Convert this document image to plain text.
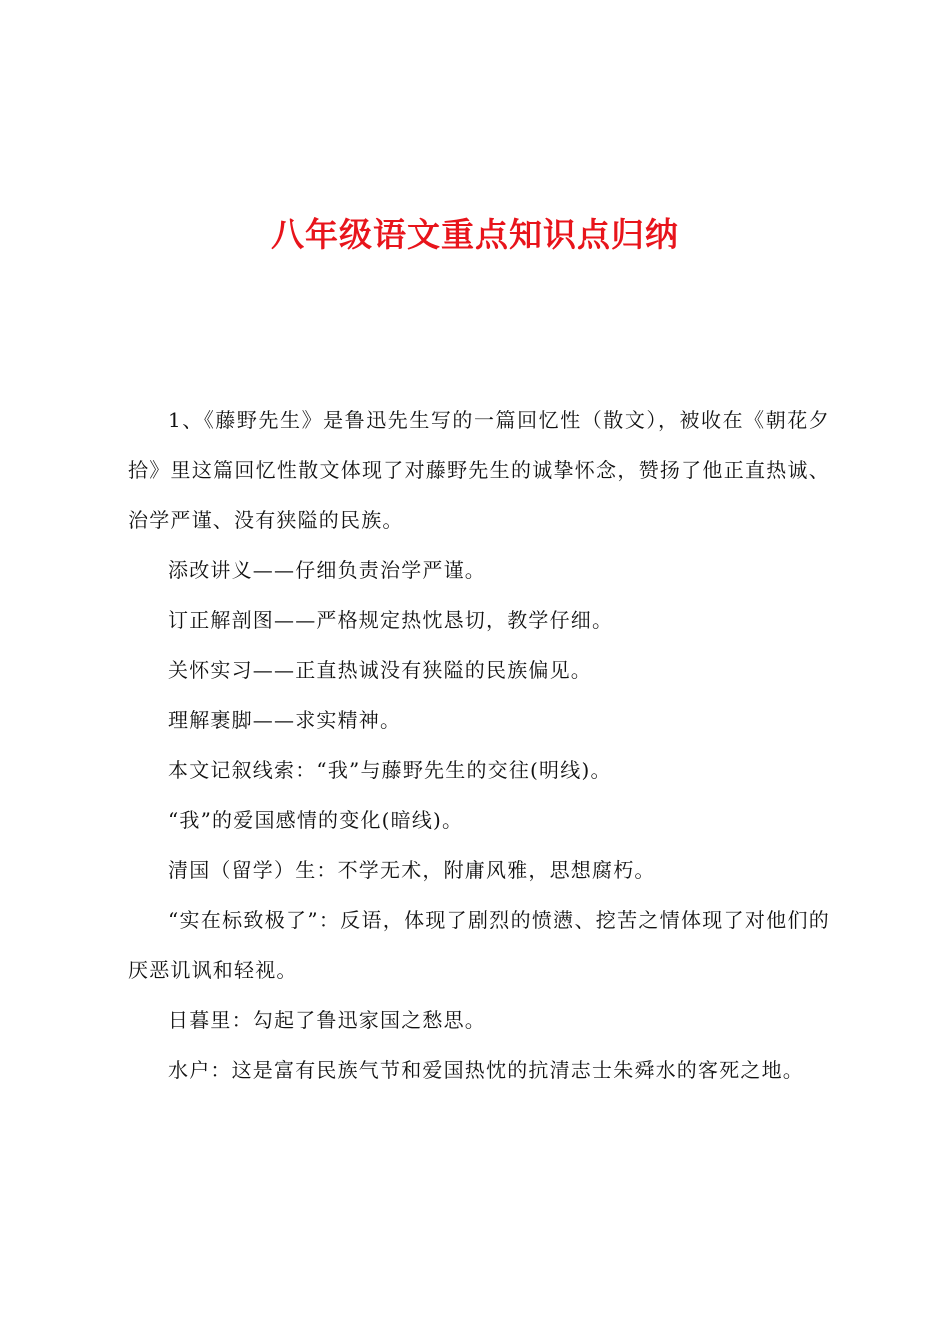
八年级语文重点知识点归纳

1、《藤野先生》是鲁迅先生写的一篇回忆性（散文），被收在《朝花夕拾》里这篇回忆性散文体现了对藤野先生的诚挚怀念，赞扬了他正直热诚、治学严谨、没有狭隘的民族。

添改讲义——仔细负责治学严谨。

订正解剖图——严格规定热忱恳切，教学仔细。

关怀实习——正直热诚没有狭隘的民族偏见。

理解裹脚——求实精神。

本文记叙线索：“我”与藤野先生的交往(明线)。

“我”的爱国感情的变化(暗线)。

清国（留学）生：不学无术，附庸风雅，思想腐朽。

“实在标致极了”：反语，体现了剧烈的愤懑、挖苦之情体现了对他们的厌恶讥讽和轻视。

日暮里：勾起了鲁迅家国之愁思。

水户：这是富有民族气节和爱国热忱的抗清志士朱舜水的客死之地。
